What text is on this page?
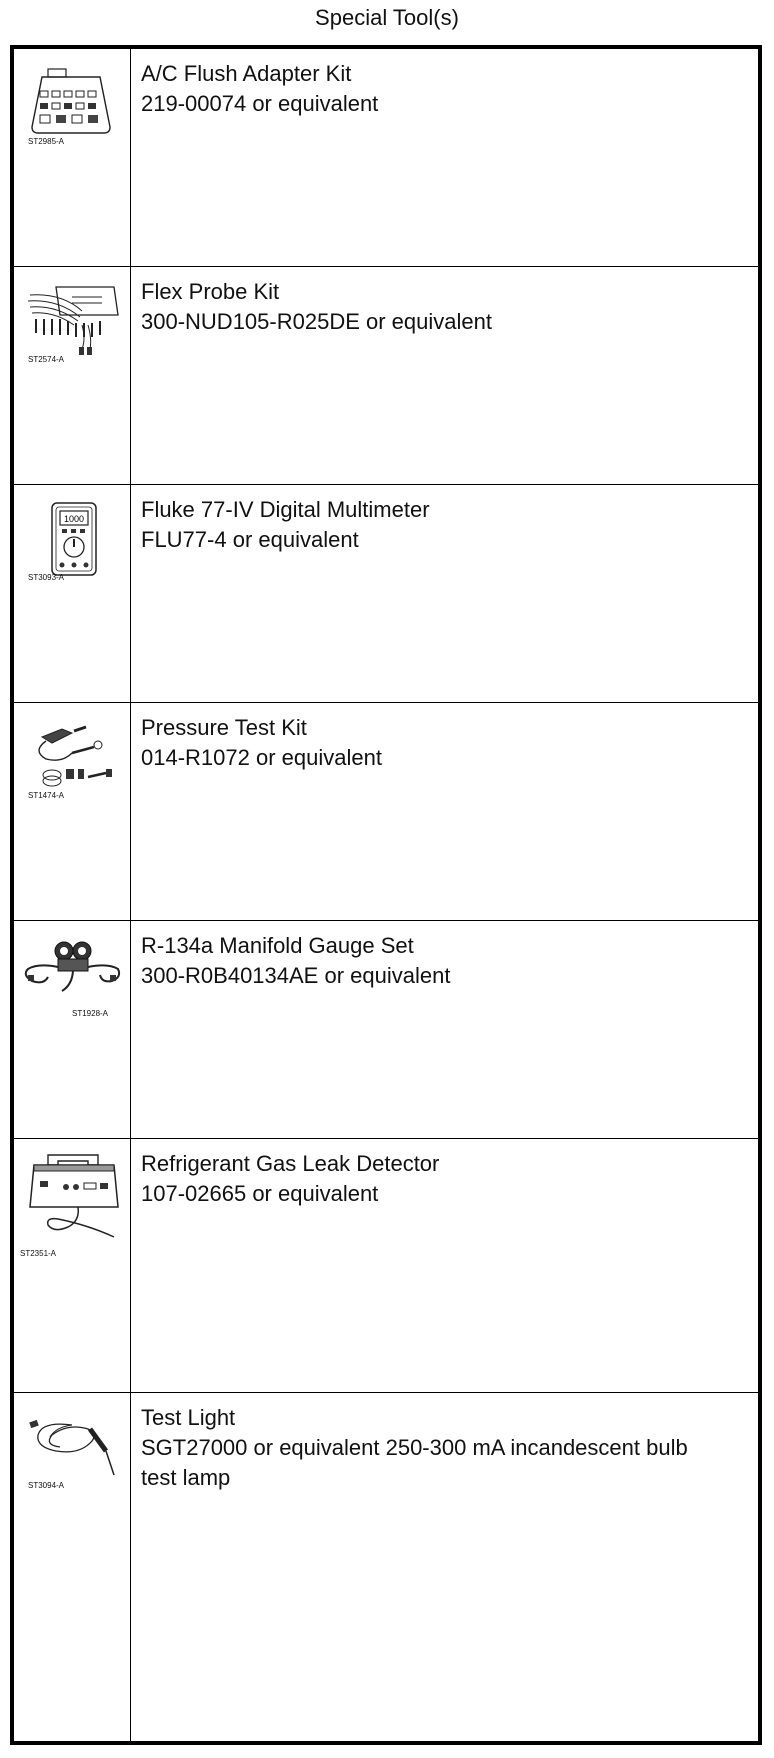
Special Tool(s)
ST2985-A
A/C Flush Adapter Kit
219-00074 or equivalent
ST2574-A
Flex Probe Kit
300-NUD105-R025DE or equivalent
1000
ST3093-A
Fluke 77-IV Digital Multimeter
FLU77-4 or equivalent
ST1474-A
Pressure Test Kit
014-R1072 or equivalent
ST1928-A
R-134a Manifold Gauge Set
300-R0B40134AE or equivalent
ST2351-A
Refrigerant Gas Leak Detector
107-02665 or equivalent
ST3094-A
Test Light
SGT27000 or equivalent 250-300 mA incandescent bulb test lamp
